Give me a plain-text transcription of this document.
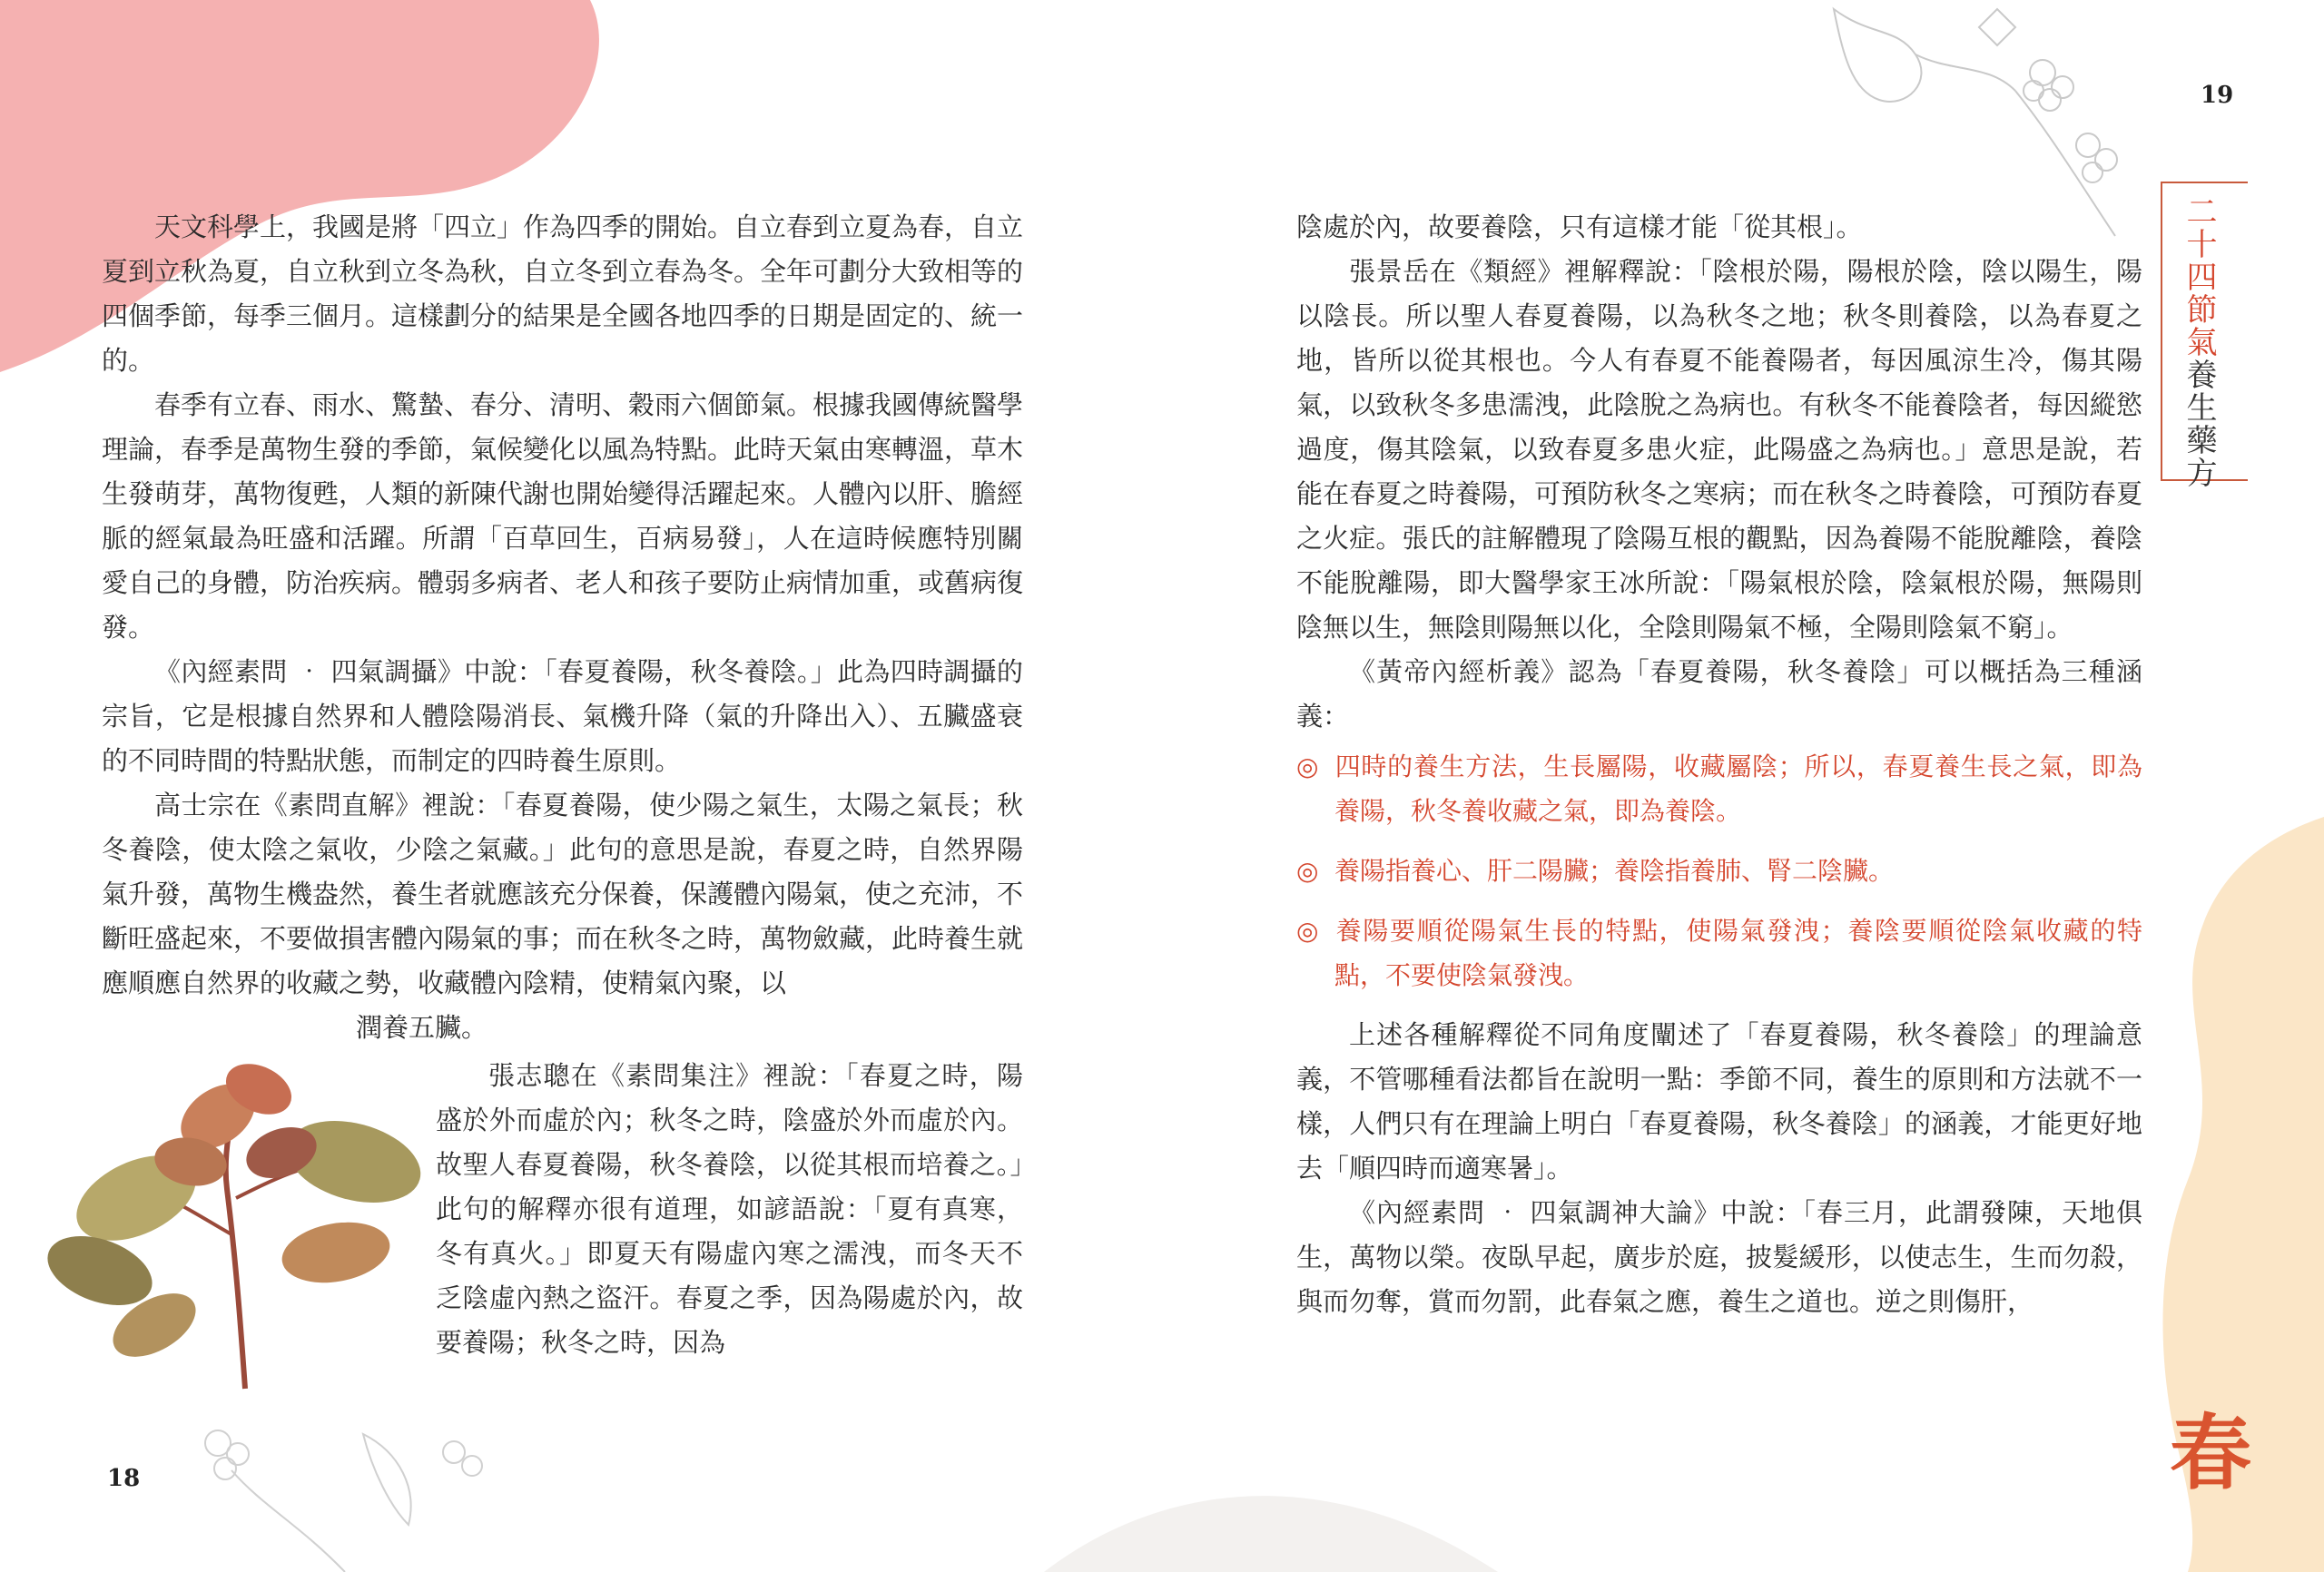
天文科學上，我國是將「四立」作為四季的開始。自立春到立夏為春，自立夏到立秋為夏，自立秋到立冬為秋，自立冬到立春為冬。全年可劃分大致相等的四個季節，每季三個月。這樣劃分的結果是全國各地四季的日期是固定的、統一的。

春季有立春、雨水、驚蟄、春分、清明、穀雨六個節氣。根據我國傳統醫學理論，春季是萬物生發的季節，氣候變化以風為特點。此時天氣由寒轉溫，草木生發萌芽，萬物復甦，人類的新陳代謝也開始變得活躍起來。人體內以肝、膽經脈的經氣最為旺盛和活躍。所謂「百草回生，百病易發」，人在這時候應特別關愛自己的身體，防治疾病。體弱多病者、老人和孩子要防止病情加重，或舊病復發。

《內經素問 ‧ 四氣調攝》中說：「春夏養陽，秋冬養陰。」此為四時調攝的宗旨，它是根據自然界和人體陰陽消長、氣機升降（氣的升降出入）、五臟盛衰的不同時間的特點狀態，而制定的四時養生原則。

高士宗在《素問直解》裡說：「春夏養陽，使少陽之氣生，太陽之氣長；秋冬養陰，使太陰之氣收，少陰之氣藏。」此句的意思是說，春夏之時，自然界陽氣升發，萬物生機盎然，養生者就應該充分保養，保護體內陽氣，使之充沛，不斷旺盛起來，不要做損害體內陽氣的事；而在秋冬之時，萬物斂藏，此時養生就應順應自然界的收藏之勢，收藏體內陰精，使精氣內聚，以

潤養五臟。

張志聰在《素問集注》裡說：「春夏之時，陽盛於外而虛於內；秋冬之時，陰盛於外而虛於內。故聖人春夏養陽，秋冬養陰，以從其根而培養之。」此句的解釋亦很有道理，如諺語說：「夏有真寒，冬有真火。」即夏天有陽虛內寒之濡洩，而冬天不乏陰虛內熱之盜汗。春夏之季，因為陽處於內，故要養陽；秋冬之時，因為

18

陰處於內，故要養陰，只有這樣才能「從其根」。

張景岳在《類經》裡解釋說：「陰根於陽，陽根於陰，陰以陽生，陽以陰長。所以聖人春夏養陽，以為秋冬之地；秋冬則養陰，以為春夏之地，皆所以從其根也。今人有春夏不能養陽者，每因風涼生冷，傷其陽氣，以致秋冬多患濡洩，此陰脫之為病也。有秋冬不能養陰者，每因縱慾過度，傷其陰氣，以致春夏多患火症，此陽盛之為病也。」意思是說，若能在春夏之時養陽，可預防秋冬之寒病；而在秋冬之時養陰，可預防春夏之火症。張氏的註解體現了陰陽互根的觀點，因為養陽不能脫離陰，養陰不能脫離陽，即大醫學家王冰所說：「陽氣根於陰，陰氣根於陽，無陽則陰無以生，無陰則陽無以化，全陰則陽氣不極，全陽則陰氣不窮」。

《黃帝內經析義》認為「春夏養陽，秋冬養陰」可以概括為三種涵義：

◎ 四時的養生方法，生長屬陽，收藏屬陰；所以，春夏養生長之氣，即為養陽，秋冬養收藏之氣，即為養陰。
◎ 養陽指養心、肝二陽臟；養陰指養肺、腎二陰臟。
◎ 養陽要順從陽氣生長的特點，使陽氣發洩；養陰要順從陰氣收藏的特點，不要使陰氣發洩。

上述各種解釋從不同角度闡述了「春夏養陽，秋冬養陰」的理論意義，不管哪種看法都旨在說明一點：季節不同，養生的原則和方法就不一樣，人們只有在理論上明白「春夏養陽，秋冬養陰」的涵義，才能更好地去「順四時而適寒暑」。

《內經素問 ‧ 四氣調神大論》中說：「春三月，此謂發陳，天地俱生，萬物以榮。夜臥早起，廣步於庭，披髮緩形，以使志生，生而勿殺，與而勿奪，賞而勿罰，此春氣之應，養生之道也。逆之則傷肝，

19
二十四節氣養生藥方
春
